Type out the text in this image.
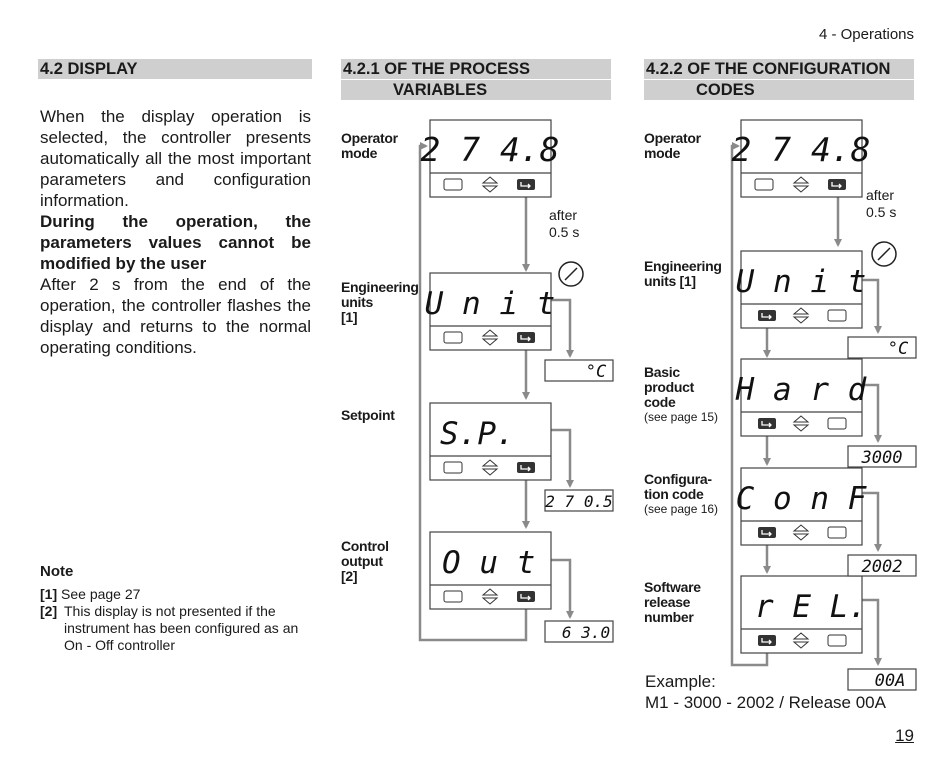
4 - Operations
4.2 DISPLAY

When the display operation is selected, the controller presents automatically all the most important parameters and configuration information.

During the operation, the parameters values cannot be modified by the user

After 2 s from the end of the operation, the controller flashes the display and returns to the normal operating conditions.

Note
[1] See page 27
[2] This display is not presented if the instrument has been configured as an On - Off controller
4.2.1 OF THE PROCESS
VARIABLES
Operator
mode
Engineering
units
[1]
Setpoint
Control
output
[2]
after
0.5 s
4.2.2 OF THE CONFIGURATION
CODES
Operator
mode
Engineering
units [1]
Basic
product
code
(see page 15)
Configura-
tion code
(see page 16)
Software
release
number
after
0.5 s
Example:
M1 - 3000 - 2002 / Release 00A
19
2 7 4.8
U n i t
S.P.
O u t
°C
2 7 0.5
6 3.0
2 7 4.8
U n i t
H a r d
C o n F
r E L.
°C
3000
2002
00A
